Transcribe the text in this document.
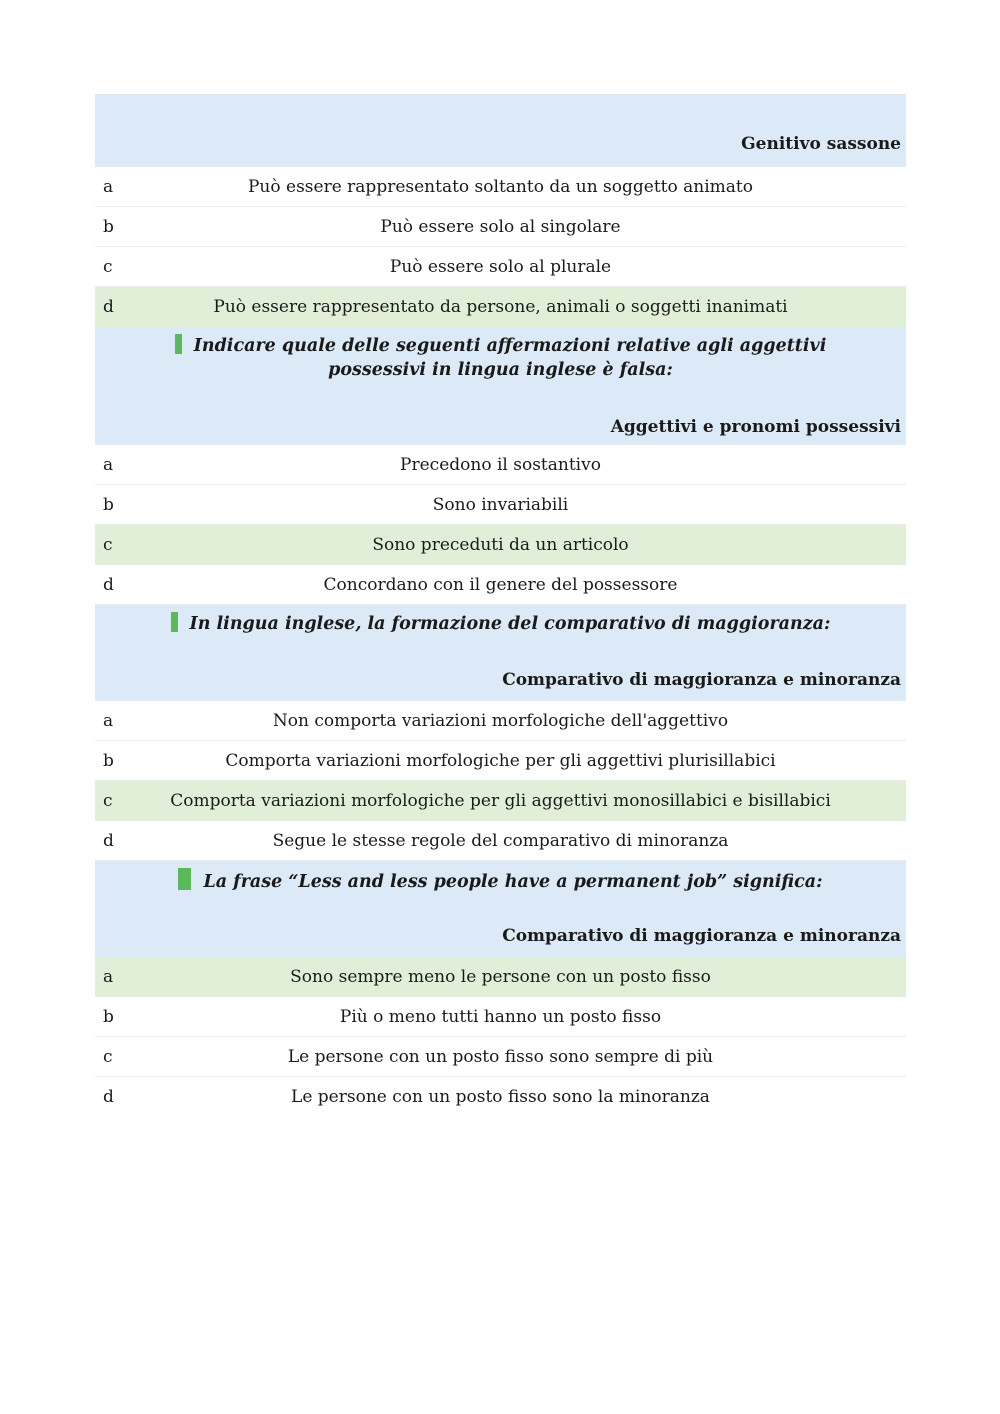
Genitivo sassone
a	Può essere rappresentato soltanto da un soggetto animato
b	Può essere solo al singolare
c	Può essere solo al plurale
d	Può essere rappresentato da persone, animali o soggetti inanimati
Indicare quale delle seguenti affermazioni relative agli aggettivi possessivi in lingua inglese è falsa:
Aggettivi e pronomi possessivi
a	Precedono il sostantivo
b	Sono invariabili
c	Sono preceduti da un articolo
d	Concordano con il genere del possessore
In lingua inglese, la formazione del comparativo di maggioranza:
Comparativo di maggioranza e minoranza
a	Non comporta variazioni morfologiche dell'aggettivo
b	Comporta variazioni morfologiche per gli aggettivi plurisillabici
c	Comporta variazioni morfologiche per gli aggettivi monosillabici e bisillabici
d	Segue le stesse regole del comparativo di minoranza
La frase “Less and less people have a permanent job” significa:
Comparativo di maggioranza e minoranza
a	Sono sempre meno le persone con un posto fisso
b	Più o meno tutti hanno un posto fisso
c	Le persone con un posto fisso sono sempre di più
d	Le persone con un posto fisso sono la minoranza
